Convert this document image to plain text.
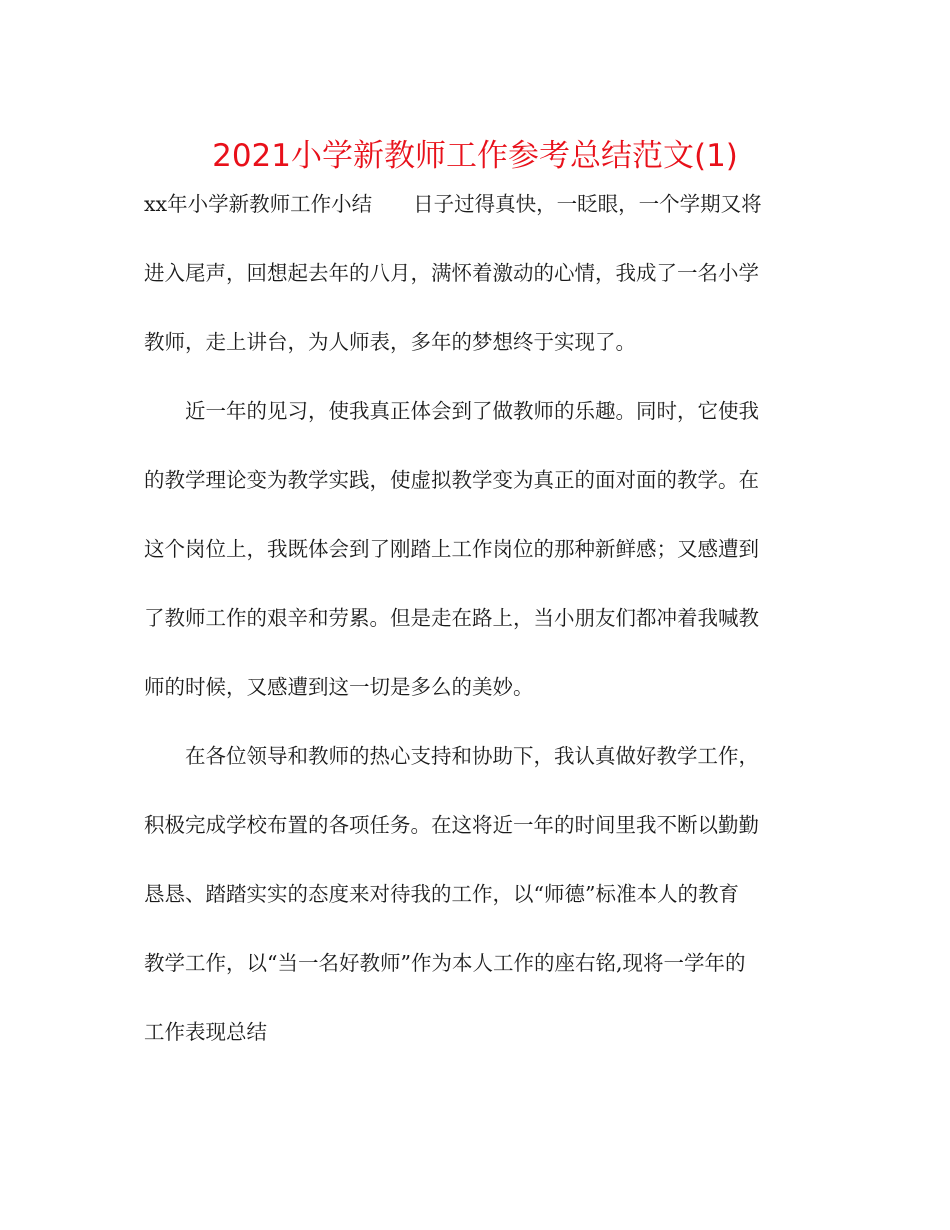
2021小学新教师工作参考总结范文(1)
xx年小学新教师工作小结　　日子过得真快，一眨眼，一个学期又将
进入尾声，回想起去年的八月，满怀着激动的心情，我成了一名小学
教师，走上讲台，为人师表，多年的梦想终于实现了。
近一年的见习，使我真正体会到了做教师的乐趣。同时，它使我
的教学理论变为教学实践，使虚拟教学变为真正的面对面的教学。在
这个岗位上，我既体会到了刚踏上工作岗位的那种新鲜感；又感遭到
了教师工作的艰辛和劳累。但是走在路上，当小朋友们都冲着我喊教
师的时候，又感遭到这一切是多么的美妙。
在各位领导和教师的热心支持和协助下，我认真做好教学工作，
积极完成学校布置的各项任务。在这将近一年的时间里我不断以勤勤
恳恳、踏踏实实的态度来对待我的工作，以“师德”标准本人的教育
教学工作，以“当一名好教师”作为本人工作的座右铭,现将一学年的
工作表现总结
